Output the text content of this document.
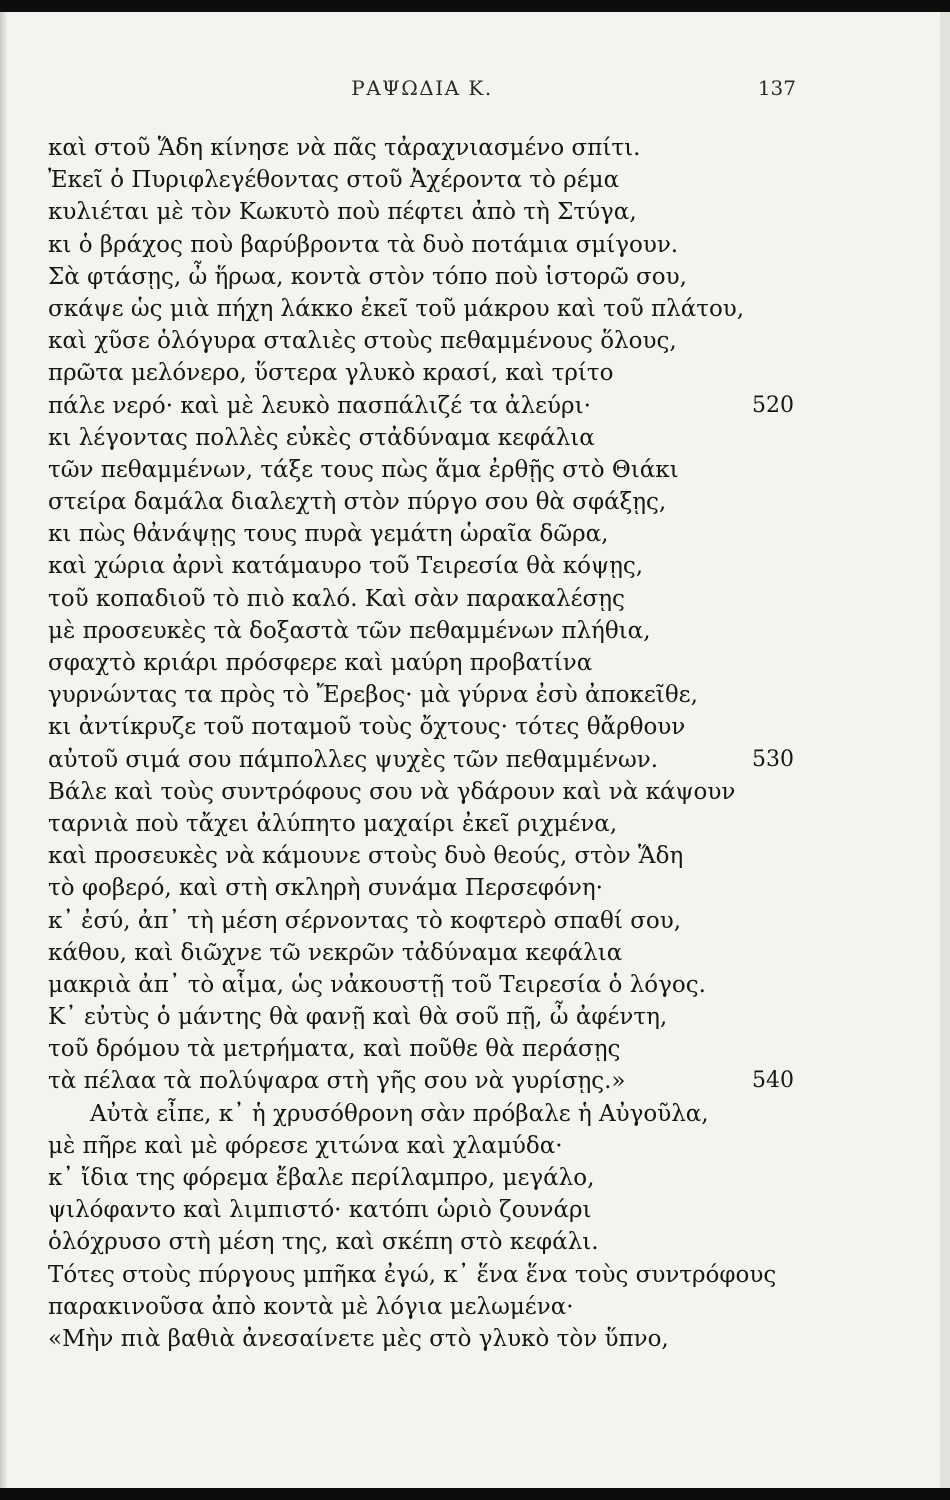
ΡΑΨΩΔΙΑ Κ.	137
καὶ στοῦ Ἅδη κίνησε νὰ πᾶς τἀραχνιασμένο σπίτι.
Ἐκεῖ ὁ Πυριφλεγέθοντας στοῦ Ἀχέροντα τὸ ρέμα
κυλιέται μὲ τὸν Κωκυτὸ ποὺ πέφτει ἀπὸ τὴ Στύγα,
κι ὁ βράχος ποὺ βαρύβροντα τὰ δυὸ ποτάμια σμίγουν.
Σὰ φτάσῃς, ὦ ἥρωα, κοντὰ στὸν τόπο ποὺ ἱστορῶ σου,
σκάψε ὡς μιὰ πήχη λάκκο ἐκεῖ τοῦ μάκρου καὶ τοῦ πλάτου,
καὶ χῦσε ὁλόγυρα σταλιὲς στοὺς πεθαμμένους ὅλους,
πρῶτα μελόνερο, ὕστερα γλυκὸ κρασί, καὶ τρίτο
πάλε νερό· καὶ μὲ λευκὸ πασπάλιζέ τα ἀλεύρι·	520
κι λέγοντας πολλὲς εὐκὲς στἀδύναμα κεφάλια
τῶν πεθαμμένων, τάξε τους πὼς ἅμα ἐρθῇς στὸ Θιάκι
στείρα δαμάλα διαλεχτὴ στὸν πύργο σου θὰ σφάξῃς,
κι πὼς θἀνάψῃς τους πυρὰ γεμάτη ὡραῖα δῶρα,
καὶ χώρια ἀρνὶ κατάμαυρο τοῦ Τειρεσία θὰ κόψῃς,
τοῦ κοπαδιοῦ τὸ πιὸ καλό. Καὶ σὰν παρακαλέσῃς
μὲ προσευκὲς τὰ δοξαστὰ τῶν πεθαμμένων πλήθια,
σφαχτὸ κριάρι πρόσφερε καὶ μαύρη προβατίνα
γυρνώντας τα πρὸς τὸ Ἔρεβος· μὰ γύρνα ἐσὺ ἀποκεῖθε,
κι ἀντίκρυζε τοῦ ποταμοῦ τοὺς ὄχτους· τότες θἄρθουν
αὐτοῦ σιμά σου πάμπολλες ψυχὲς τῶν πεθαμμένων.	530
Βάλε καὶ τοὺς συντρόφους σου νὰ γδάρουν καὶ νὰ κάψουν
ταρνιὰ ποὺ τἄχει ἀλύπητο μαχαίρι ἐκεῖ ριχμένα,
καὶ προσευκὲς νὰ κάμουνε στοὺς δυὸ θεούς, στὸν Ἅδη
τὸ φοβερό, καὶ στὴ σκληρὴ συνάμα Περσεφόνη·
κ᾽ ἐσύ, ἀπ᾽ τὴ μέση σέρνοντας τὸ κοφτερὸ σπαθί σου,
κάθου, καὶ διῶχνε τῶ νεκρῶν τἀδύναμα κεφάλια
μακριὰ ἀπ᾽ τὸ αἷμα, ὡς νἀκουστῇ τοῦ Τειρεσία ὁ λόγος.
Κ᾽ εὐτὺς ὁ μάντης θὰ φανῇ καὶ θὰ σοῦ πῇ, ὦ ἀφέντη,
τοῦ δρόμου τὰ μετρήματα, καὶ ποῦθε θὰ περάσῃς
τὰ πέλαα τὰ πολύψαρα στὴ γῆς σου νὰ γυρίσῃς.»	540
Αὐτὰ εἶπε, κ᾽ ἡ χρυσόθρονη σὰν πρόβαλε ἡ Αὐγοῦλα,
μὲ πῆρε καὶ μὲ φόρεσε χιτώνα καὶ χλαμύδα·
κ᾽ ἴδια της φόρεμα ἔβαλε περίλαμπρο, μεγάλο,
ψιλόφαντο καὶ λιμπιστό· κατόπι ὡριὸ ζουνάρι
ὁλόχρυσο στὴ μέση της, καὶ σκέπη στὸ κεφάλι.
Τότες στοὺς πύργους μπῆκα ἐγώ, κ᾽ ἕνα ἕνα τοὺς συντρόφους
παρακινοῦσα ἀπὸ κοντὰ μὲ λόγια μελωμένα·
«Μὴν πιὰ βαθιὰ ἀνεσαίνετε μὲς στὸ γλυκὸ τὸν ὕπνο,
